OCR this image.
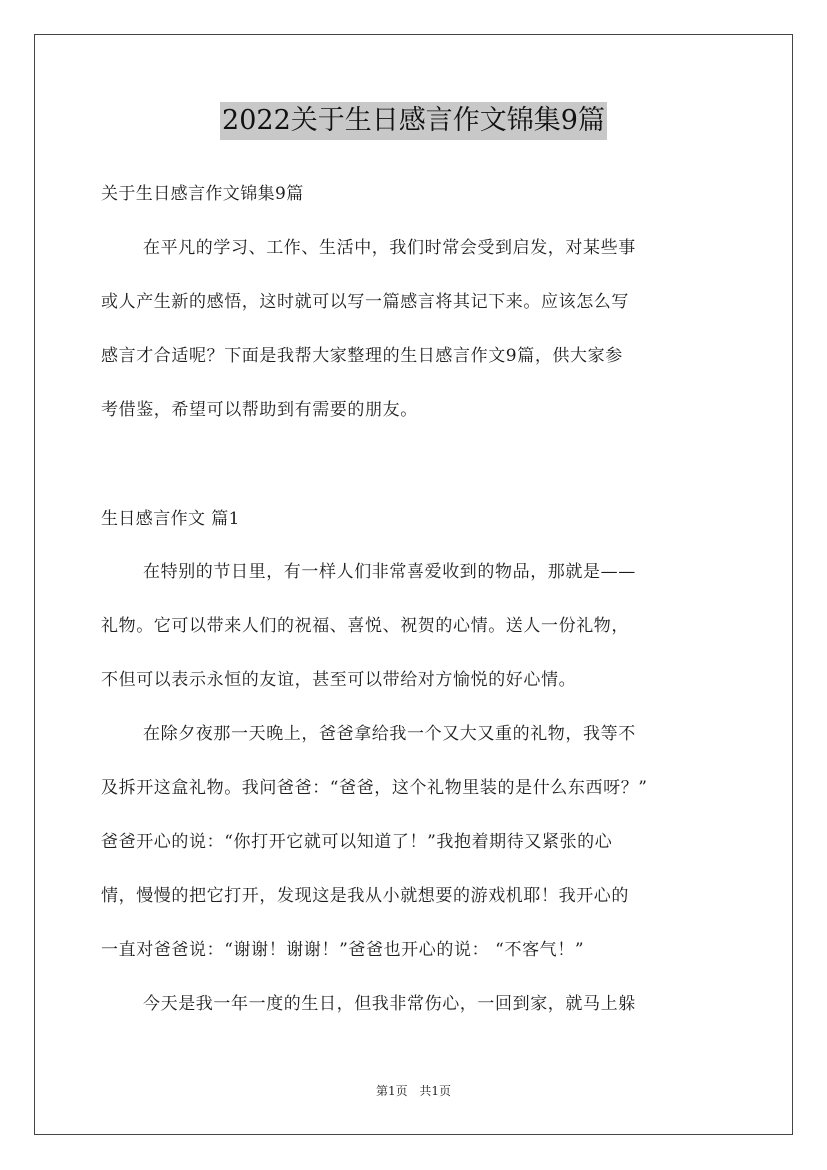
2022关于生日感言作文锦集9篇
关于生日感言作文锦集9篇
在平凡的学习、工作、生活中，我们时常会受到启发，对某些事
或人产生新的感悟，这时就可以写一篇感言将其记下来。应该怎么写
感言才合适呢？下面是我帮大家整理的生日感言作文9篇，供大家参
考借鉴，希望可以帮助到有需要的朋友。
生日感言作文 篇1
在特别的节日里，有一样人们非常喜爱收到的物品，那就是——
礼物。它可以带来人们的祝福、喜悦、祝贺的心情。送人一份礼物，
不但可以表示永恒的友谊，甚至可以带给对方愉悦的好心情。
在除夕夜那一天晚上，爸爸拿给我一个又大又重的礼物，我等不
及拆开这盒礼物。我问爸爸：“爸爸，这个礼物里装的是什么东西呀？”
爸爸开心的说：“你打开它就可以知道了！”我抱着期待又紧张的心
情，慢慢的把它打开，发现这是我从小就想要的游戏机耶！我开心的
一直对爸爸说：“谢谢！谢谢！”爸爸也开心的说： “不客气！”
今天是我一年一度的生日，但我非常伤心，一回到家，就马上躲
第1页 共1页
